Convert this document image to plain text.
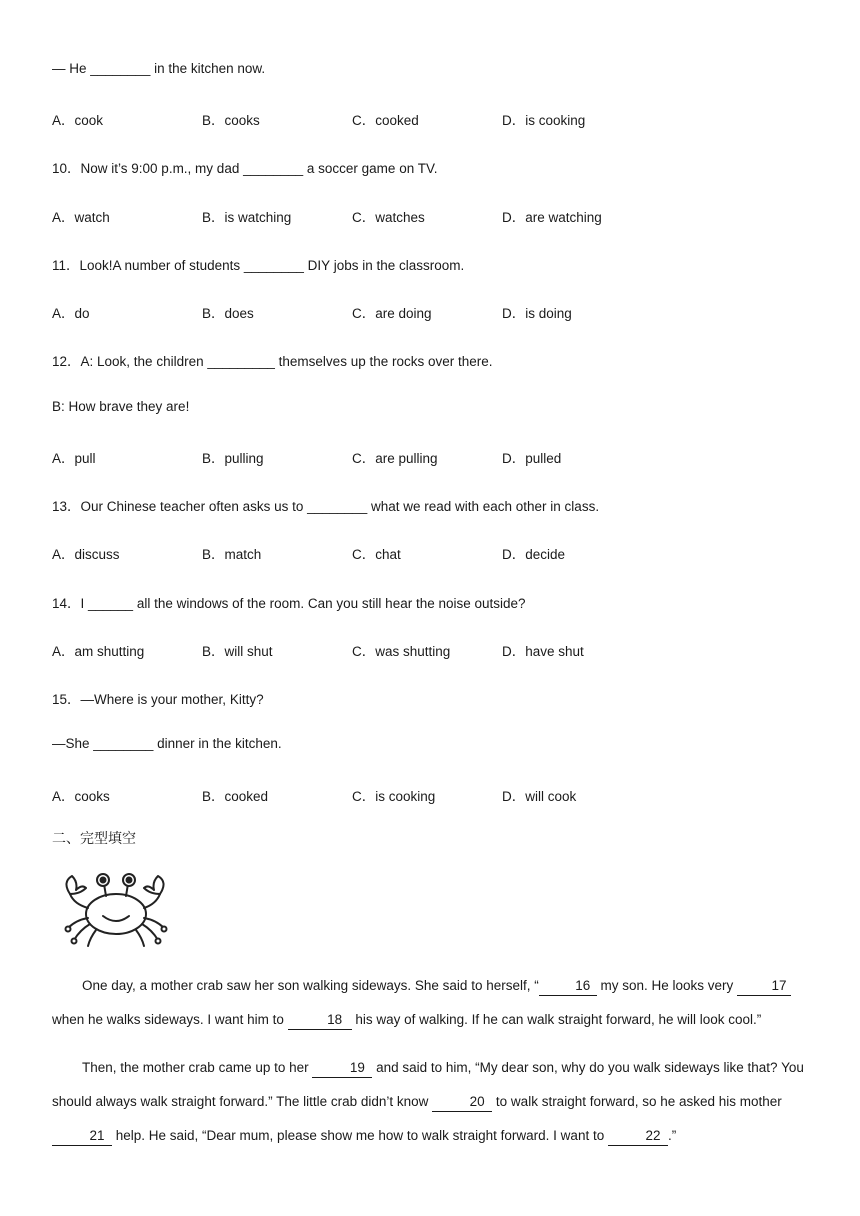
— He ________ in the kitchen now.
A．cook	B．cooks	C．cooked	D．is cooking
10．Now it’s 9:00 p.m., my dad ________ a soccer game on TV.
A．watch	B．is watching	C．watches	D．are watching
11．Look!A number of students ________ DIY jobs in the classroom.
A．do	B．does	C．are doing	D．is doing
12．A: Look, the children _________ themselves up the rocks over there.
B: How brave they are!
A．pull	B．pulling	C．are pulling	D．pulled
13．Our Chinese teacher often asks us to ________ what we read with each other in class.
A．discuss	B．match	C．chat	D．decide
14．I ______ all the windows of the room. Can you still hear the noise outside?
A．am shutting	B．will shut	C．was shutting	D．have shut
15．—Where is your mother, Kitty?
—She ________ dinner in the kitchen.
A．cooks	B．cooked	C．is cooking	D．will cook
二、完型填空
One day, a mother crab saw her son walking sideways. She said to herself, “	16 my son. He looks very	17 when he walks sideways. I want him to	18 his way of walking. If he can walk straight forward, he will look cool.”
Then, the mother crab came up to her	19 and said to him, “My dear son, why do you walk sideways like that? You should always walk straight forward.” The little crab didn’t know	20 to walk straight forward, so he asked his mother 21 help. He said, “Dear mum, please show me how to walk straight forward. I want to	22 .”
